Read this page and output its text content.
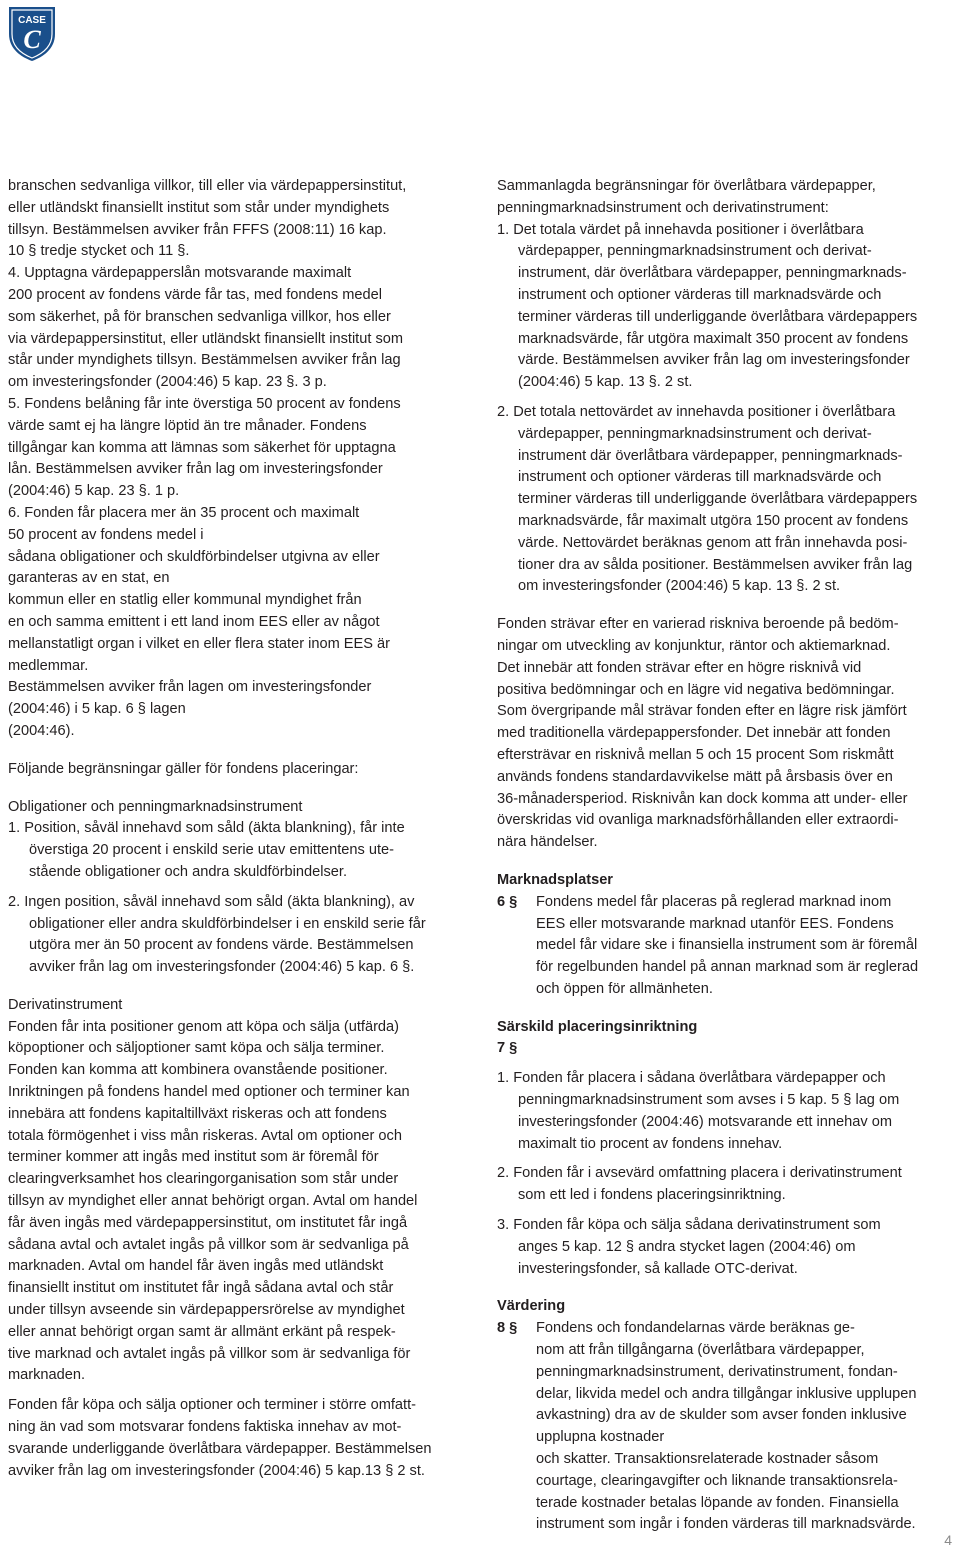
CASE
C

branschen sedvanliga villkor, till eller via värdepappersinstitut,
eller utländskt finansiellt institut som står under myndighets
tillsyn. Bestämmelsen avviker från FFFS (2008:11) 16 kap.
10 § tredje stycket och 11 §.

4. Upptagna värdepapperslån motsvarande maximalt
200 procent av fondens värde får tas, med fondens medel
som säkerhet, på för branschen sedvanliga villkor, hos eller
via värdepappersinstitut, eller utländskt finansiellt institut som
står under myndighets tillsyn. Bestämmelsen avviker från lag
om investeringsfonder (2004:46) 5 kap. 23 §. 3 p.

5. Fondens belåning får inte överstiga 50 procent av fondens
värde samt ej ha längre löptid än tre månader. Fondens
tillgångar kan komma att lämnas som säkerhet för upptagna
lån. Bestämmelsen avviker från lag om investeringsfonder
(2004:46) 5 kap. 23 §. 1 p.

6. Fonden får placera mer än 35 procent och maximalt
50 procent av fondens medel i
sådana obligationer och skuldförbindelser utgivna av eller
garanteras av en stat, en
kommun eller en statlig eller kommunal myndighet från
en och samma emittent i ett land inom EES eller av något
mellanstatligt organ i vilket en eller flera stater inom EES är
medlemmar.
Bestämmelsen avviker från lagen om investeringsfonder
(2004:46) i 5 kap. 6 § lagen
(2004:46).

Följande begränsningar gäller för fondens placeringar:

Obligationer och penningmarknadsinstrument

1. Position, såväl innehavd som såld (äkta blankning), får inte
överstiga 20 procent i enskild serie utav emittentens ute-
stående obligationer och andra skuldförbindelser.

2. Ingen position, såväl innehavd som såld (äkta blankning), av
obligationer eller andra skuldförbindelser i en enskild serie får
utgöra mer än 50 procent av fondens värde. Bestämmelsen
avviker från lag om investeringsfonder (2004:46) 5 kap. 6 §.

Derivatinstrument
Fonden får inta positioner genom att köpa och sälja (utfärda)
köpoptioner och säljoptioner samt köpa och sälja terminer.
Fonden kan komma att kombinera ovanstående positioner.
Inriktningen på fondens handel med optioner och terminer kan
innebära att fondens kapitaltillväxt riskeras och att fondens
totala förmögenhet i viss mån riskeras. Avtal om optioner och
terminer kommer att ingås med institut som är föremål för
clearingverksamhet hos clearingorganisation som står under
tillsyn av myndighet eller annat behörigt organ. Avtal om handel
får även ingås med värdepappersinstitut, om institutet får ingå
sådana avtal och avtalet ingås på villkor som är sedvanliga på
marknaden. Avtal om handel får även ingås med utländskt
finansiellt institut om institutet får ingå sådana avtal och står
under tillsyn avseende sin värdepappersrörelse av myndighet
eller annat behörigt organ samt är allmänt erkänt på respek-
tive marknad och avtalet ingås på villkor som är sedvanliga för
marknaden.

Fonden får köpa och sälja optioner och terminer i större omfatt-
ning än vad som motsvarar fondens faktiska innehav av mot-
svarande underliggande överlåtbara värdepapper. Bestämmelsen
avviker från lag om investeringsfonder (2004:46) 5 kap.13 § 2 st.

Sammanlagda begränsningar för överlåtbara värdepapper,
penningmarknadsinstrument och derivatinstrument:

1. Det totala värdet på innehavda positioner i överlåtbara
värdepapper, penningmarknadsinstrument och derivat-
instrument, där överlåtbara värdepapper, penningmarknads-
instrument och optioner värderas till marknadsvärde och
terminer värderas till underliggande överlåtbara värdepappers
marknadsvärde, får utgöra maximalt 350 procent av fondens
värde. Bestämmelsen avviker från lag om investeringsfonder
(2004:46) 5 kap. 13 §. 2 st.

2. Det totala nettovärdet av innehavda positioner i överlåtbara
värdepapper, penningmarknadsinstrument och derivat-
instrument där överlåtbara värdepapper, penningmarknads-
instrument och optioner värderas till marknadsvärde och
terminer värderas till underliggande överlåtbara värdepappers
marknadsvärde, får maximalt utgöra 150 procent av fondens
värde. Nettovärdet beräknas genom att från innehavda posi-
tioner dra av sålda positioner. Bestämmelsen avviker från lag
om investeringsfonder (2004:46) 5 kap. 13 §. 2 st.

Fonden strävar efter en varierad riskniva beroende på bedöm-
ningar om utveckling av konjunktur, räntor och aktiemarknad.
Det innebär att fonden strävar efter en högre risknivå vid
positiva bedömningar och en lägre vid negativa bedömningar.
Som övergripande mål strävar fonden efter en lägre risk jämfört
med traditionella värdepappersfonder. Det innebär att fonden
eftersträvar en risknivå mellan 5 och 15 procent Som riskmått
används fondens standardavvikelse mätt på årsbasis över en
36-månadersperiod. Risknivån kan dock komma att under- eller
överskridas vid ovanliga marknadsförhållanden eller extraordi-
nära händelser.

Marknadsplatser

6 §	Fondens medel får placeras på reglerad marknad inom
EES eller motsvarande marknad utanför EES. Fondens
medel får vidare ske i finansiella instrument som är föremål
för regelbunden handel på annan marknad som är reglerad
och öppen för allmänheten.

Särskild placeringsinriktning

7 §

1. Fonden får placera i sådana överlåtbara värdepapper och
penningmarknadsinstrument som avses i 5 kap. 5 § lag om
investeringsfonder (2004:46) motsvarande ett innehav om
maximalt tio procent av fondens innehav.

2. Fonden får i avsevärd omfattning placera i derivatinstrument
som ett led i fondens placeringsinriktning.

3. Fonden får köpa och sälja sådana derivatinstrument som
anges 5 kap. 12 § andra stycket lagen (2004:46) om
investeringsfonder, så kallade OTC-derivat.

Värdering

8 §	Fondens och fondandelarnas värde beräknas ge-
nom att från tillgångarna (överlåtbara värdepapper,
penningmarknadsinstrument, derivatinstrument, fondan-
delar, likvida medel och andra tillgångar inklusive upplupen
avkastning) dra av de skulder som avser fonden inklusive
upplupna kostnader
och skatter. Transaktionsrelaterade kostnader såsom
courtage, clearingavgifter och liknande transaktionsrela-
terade kostnader betalas löpande av fonden. Finansiella
instrument som ingår i fonden värderas till marknadsvärde.
4
